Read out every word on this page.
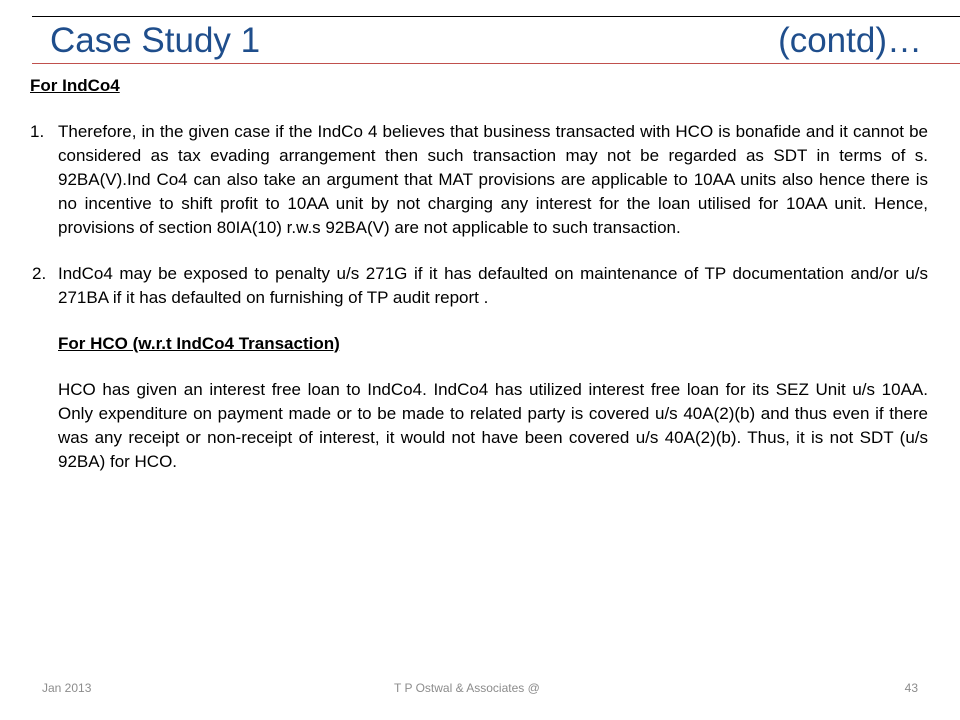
Case Study 1	(contd)…
For IndCo4
1. Therefore, in the given case if the IndCo 4 believes that business transacted with HCO is bonafide and it cannot be considered as tax evading arrangement then such transaction may not be regarded as SDT in terms of s. 92BA(V).Ind Co4 can also take an argument that MAT provisions are applicable to 10AA units also hence there is no incentive to shift profit to 10AA unit by not charging any interest for the loan utilised for 10AA unit. Hence, provisions of section 80IA(10) r.w.s 92BA(V) are not applicable to such transaction.
2. IndCo4 may be exposed to penalty u/s 271G if it has defaulted on maintenance of TP documentation and/or u/s 271BA if it has defaulted on furnishing of TP audit report .
For HCO (w.r.t IndCo4 Transaction)
HCO has given an interest free loan to IndCo4. IndCo4 has utilized interest free loan for its SEZ Unit u/s 10AA. Only expenditure on payment made or to be made to related party is covered u/s 40A(2)(b) and thus even if there was any receipt or non-receipt of interest, it would not have been covered u/s 40A(2)(b). Thus, it is not SDT (u/s 92BA) for HCO.
Jan 2013	T P Ostwal & Associates @	43
